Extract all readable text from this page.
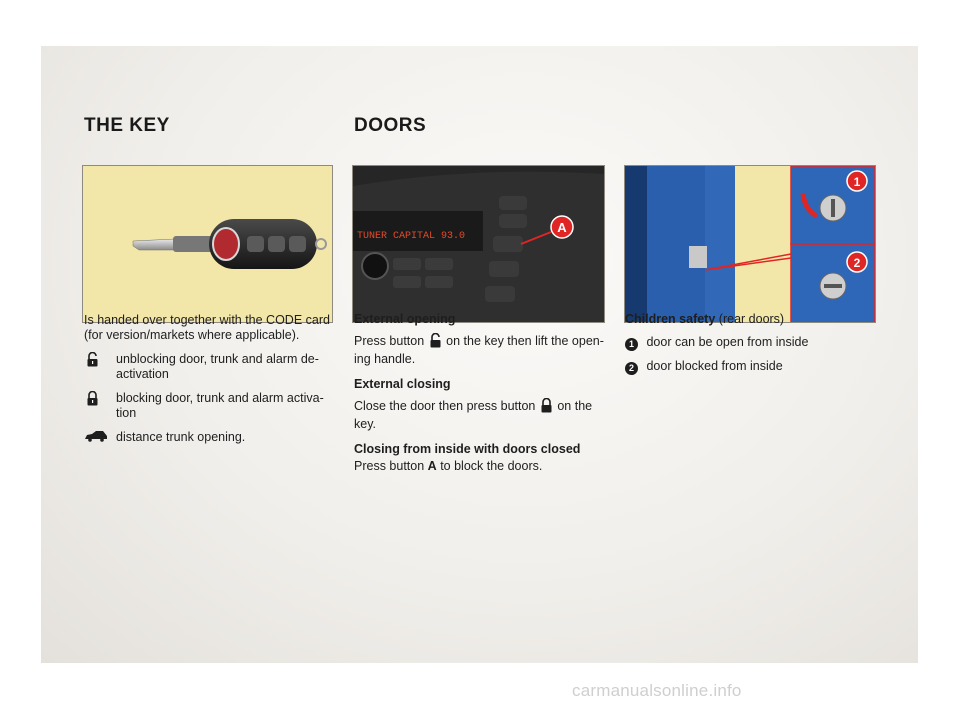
THE KEY	DOORS
TUNER CAPITAL 93.0
A
1
2
Is handed over together with the CODE card (for version/markets where applicable).
unblocking door, trunk and alarm de-activation
blocking door, trunk and alarm activa-tion
distance trunk opening.
External opening
Press button on the key then lift the open-ing handle.
External closing
Close the door then press button on the key.
Closing from inside with doors closed
Press button A to block the doors.
Children safety (rear doors)
1 door can be open from inside
2 door blocked from inside
carmanualsonline.info
